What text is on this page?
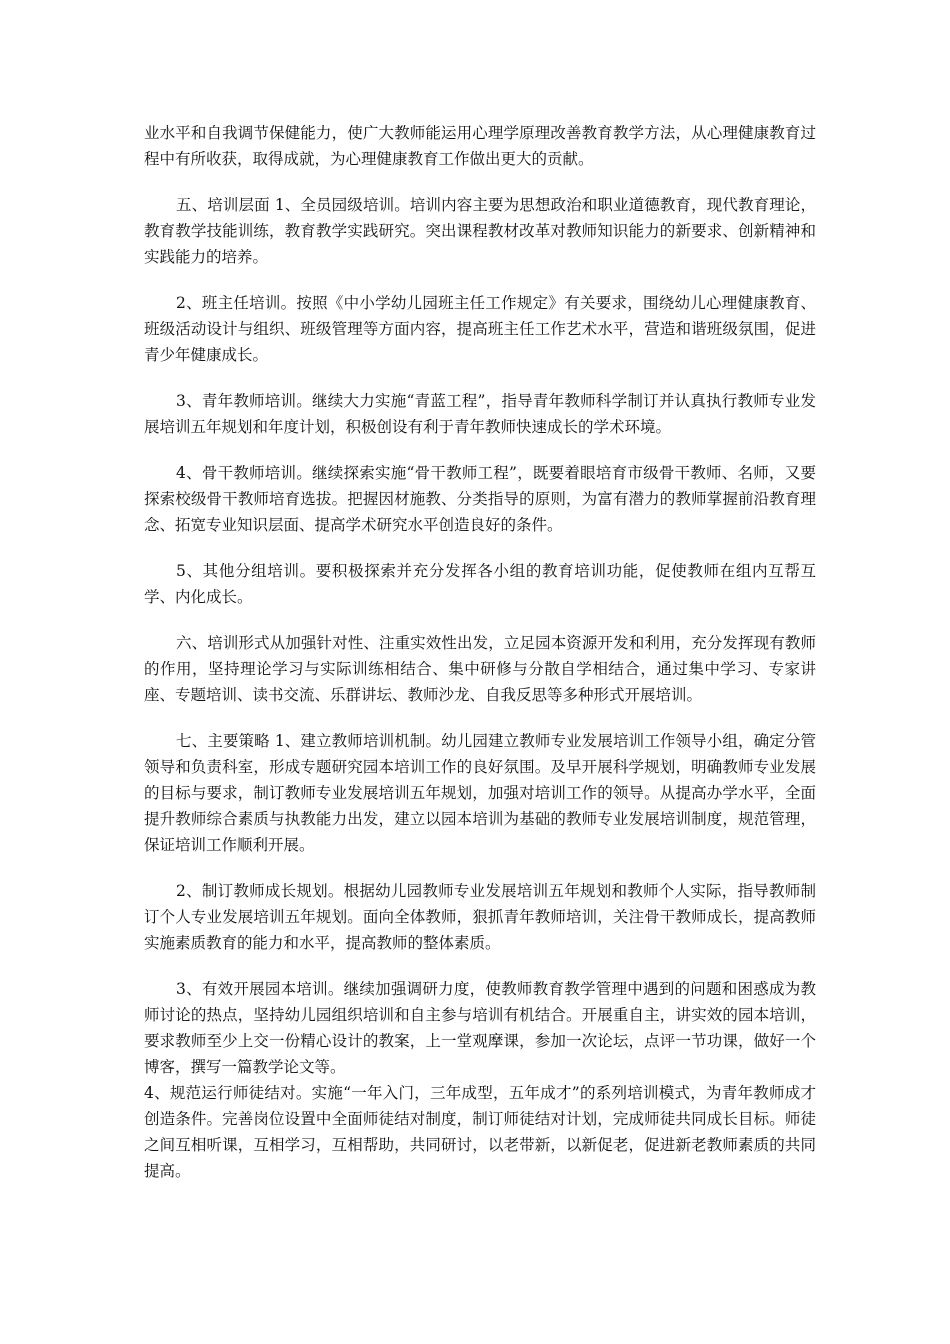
业水平和自我调节保健能力，使广大教师能运用心理学原理改善教育教学方法，从心理健康教育过程中有所收获，取得成就，为心理健康教育工作做出更大的贡献。

五、培训层面 1、全员园级培训。培训内容主要为思想政治和职业道德教育，现代教育理论，教育教学技能训练，教育教学实践研究。突出课程教材改革对教师知识能力的新要求、创新精神和实践能力的培养。

2、班主任培训。按照《中小学幼儿园班主任工作规定》有关要求，围绕幼儿心理健康教育、班级活动设计与组织、班级管理等方面内容，提高班主任工作艺术水平，营造和谐班级氛围，促进青少年健康成长。

3、青年教师培训。继续大力实施“青蓝工程”，指导青年教师科学制订并认真执行教师专业发展培训五年规划和年度计划，积极创设有利于青年教师快速成长的学术环境。

4、骨干教师培训。继续探索实施“骨干教师工程”，既要着眼培育市级骨干教师、名师，又要探索校级骨干教师培育选拔。把握因材施教、分类指导的原则，为富有潜力的教师掌握前沿教育理念、拓宽专业知识层面、提高学术研究水平创造良好的条件。

5、其他分组培训。要积极探索并充分发挥各小组的教育培训功能，促使教师在组内互帮互学、内化成长。

六、培训形式从加强针对性、注重实效性出发，立足园本资源开发和利用，充分发挥现有教师的作用，坚持理论学习与实际训练相结合、集中研修与分散自学相结合，通过集中学习、专家讲座、专题培训、读书交流、乐群讲坛、教师沙龙、自我反思等多种形式开展培训。

七、主要策略 1、建立教师培训机制。幼儿园建立教师专业发展培训工作领导小组，确定分管领导和负责科室，形成专题研究园本培训工作的良好氛围。及早开展科学规划，明确教师专业发展的目标与要求，制订教师专业发展培训五年规划，加强对培训工作的领导。从提高办学水平，全面提升教师综合素质与执教能力出发，建立以园本培训为基础的教师专业发展培训制度，规范管理，保证培训工作顺利开展。

2、制订教师成长规划。根据幼儿园教师专业发展培训五年规划和教师个人实际，指导教师制订个人专业发展培训五年规划。面向全体教师，狠抓青年教师培训，关注骨干教师成长，提高教师实施素质教育的能力和水平，提高教师的整体素质。

3、有效开展园本培训。继续加强调研力度，使教师教育教学管理中遇到的问题和困惑成为教师讨论的热点，坚持幼儿园组织培训和自主参与培训有机结合。开展重自主，讲实效的园本培训，要求教师至少上交一份精心设计的教案，上一堂观摩课，参加一次论坛，点评一节功课，做好一个博客，撰写一篇教学论文等。

4、规范运行师徒结对。实施“一年入门，三年成型，五年成才”的系列培训模式，为青年教师成才创造条件。完善岗位设置中全面师徒结对制度，制订师徒结对计划，完成师徒共同成长目标。师徒之间互相听课，互相学习，互相帮助，共同研讨，以老带新，以新促老，促进新老教师素质的共同提高。
